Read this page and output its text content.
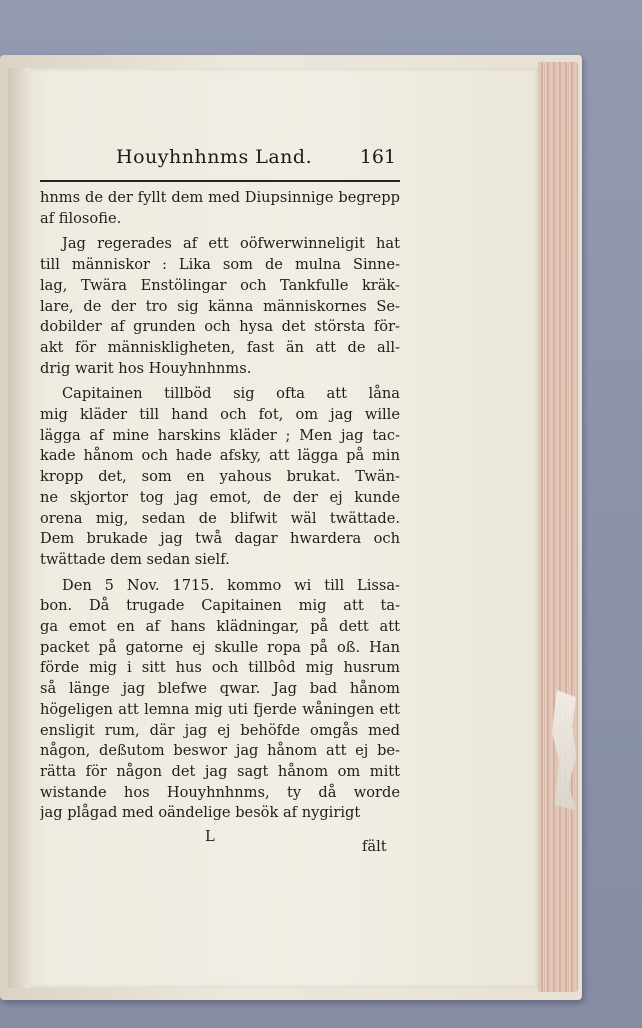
Houyhnhnms Land.	161
hnms de der fyllt dem med Diupsinnige begrepp
af filosofie.
Jag regerades af ett oöfwerwinneligit hat
till människor : Lika som de mulna Sinne-
lag, Twära Enstölingar och Tankfulle kräk-
lare, de der tro sig känna människornes Se-
dobilder af grunden och hysa det största för-
akt för människligheten, fast än att de all-
drig warit hos Houyhnhnms.
Capitainen tillböd sig ofta att låna
mig kläder till hand och fot, om jag wille
lägga af mine harskins kläder ; Men jag tac-
kade hånom och hade afsky, att lägga på min
kropp det, som en yahous brukat. Twän-
ne skjortor tog jag emot, de der ej kunde
orena mig, sedan de blifwit wäl twättade.
Dem brukade jag twå dagar hwardera och
twättade dem sedan sielf.
Den 5 Nov. 1715. kommo wi till Lissa-
bon. Då trugade Capitainen mig att ta-
ga emot en af hans klädningar, på dett att
packet på gatorne ej skulle ropa på oß. Han
förde mig i sitt hus och tillbôd mig husrum
så länge jag blefwe qwar. Jag bad hånom
högeligen att lemna mig uti fjerde wåningen ett
ensligit rum, där jag ej behöfde omgås med
någon, deßutom beswor jag hånom att ej be-
rätta för någon det jag sagt hånom om mitt
wistande hos Houyhnhnms, ty då worde
jag plågad med oändelige besök af nygirigt
L
fält
